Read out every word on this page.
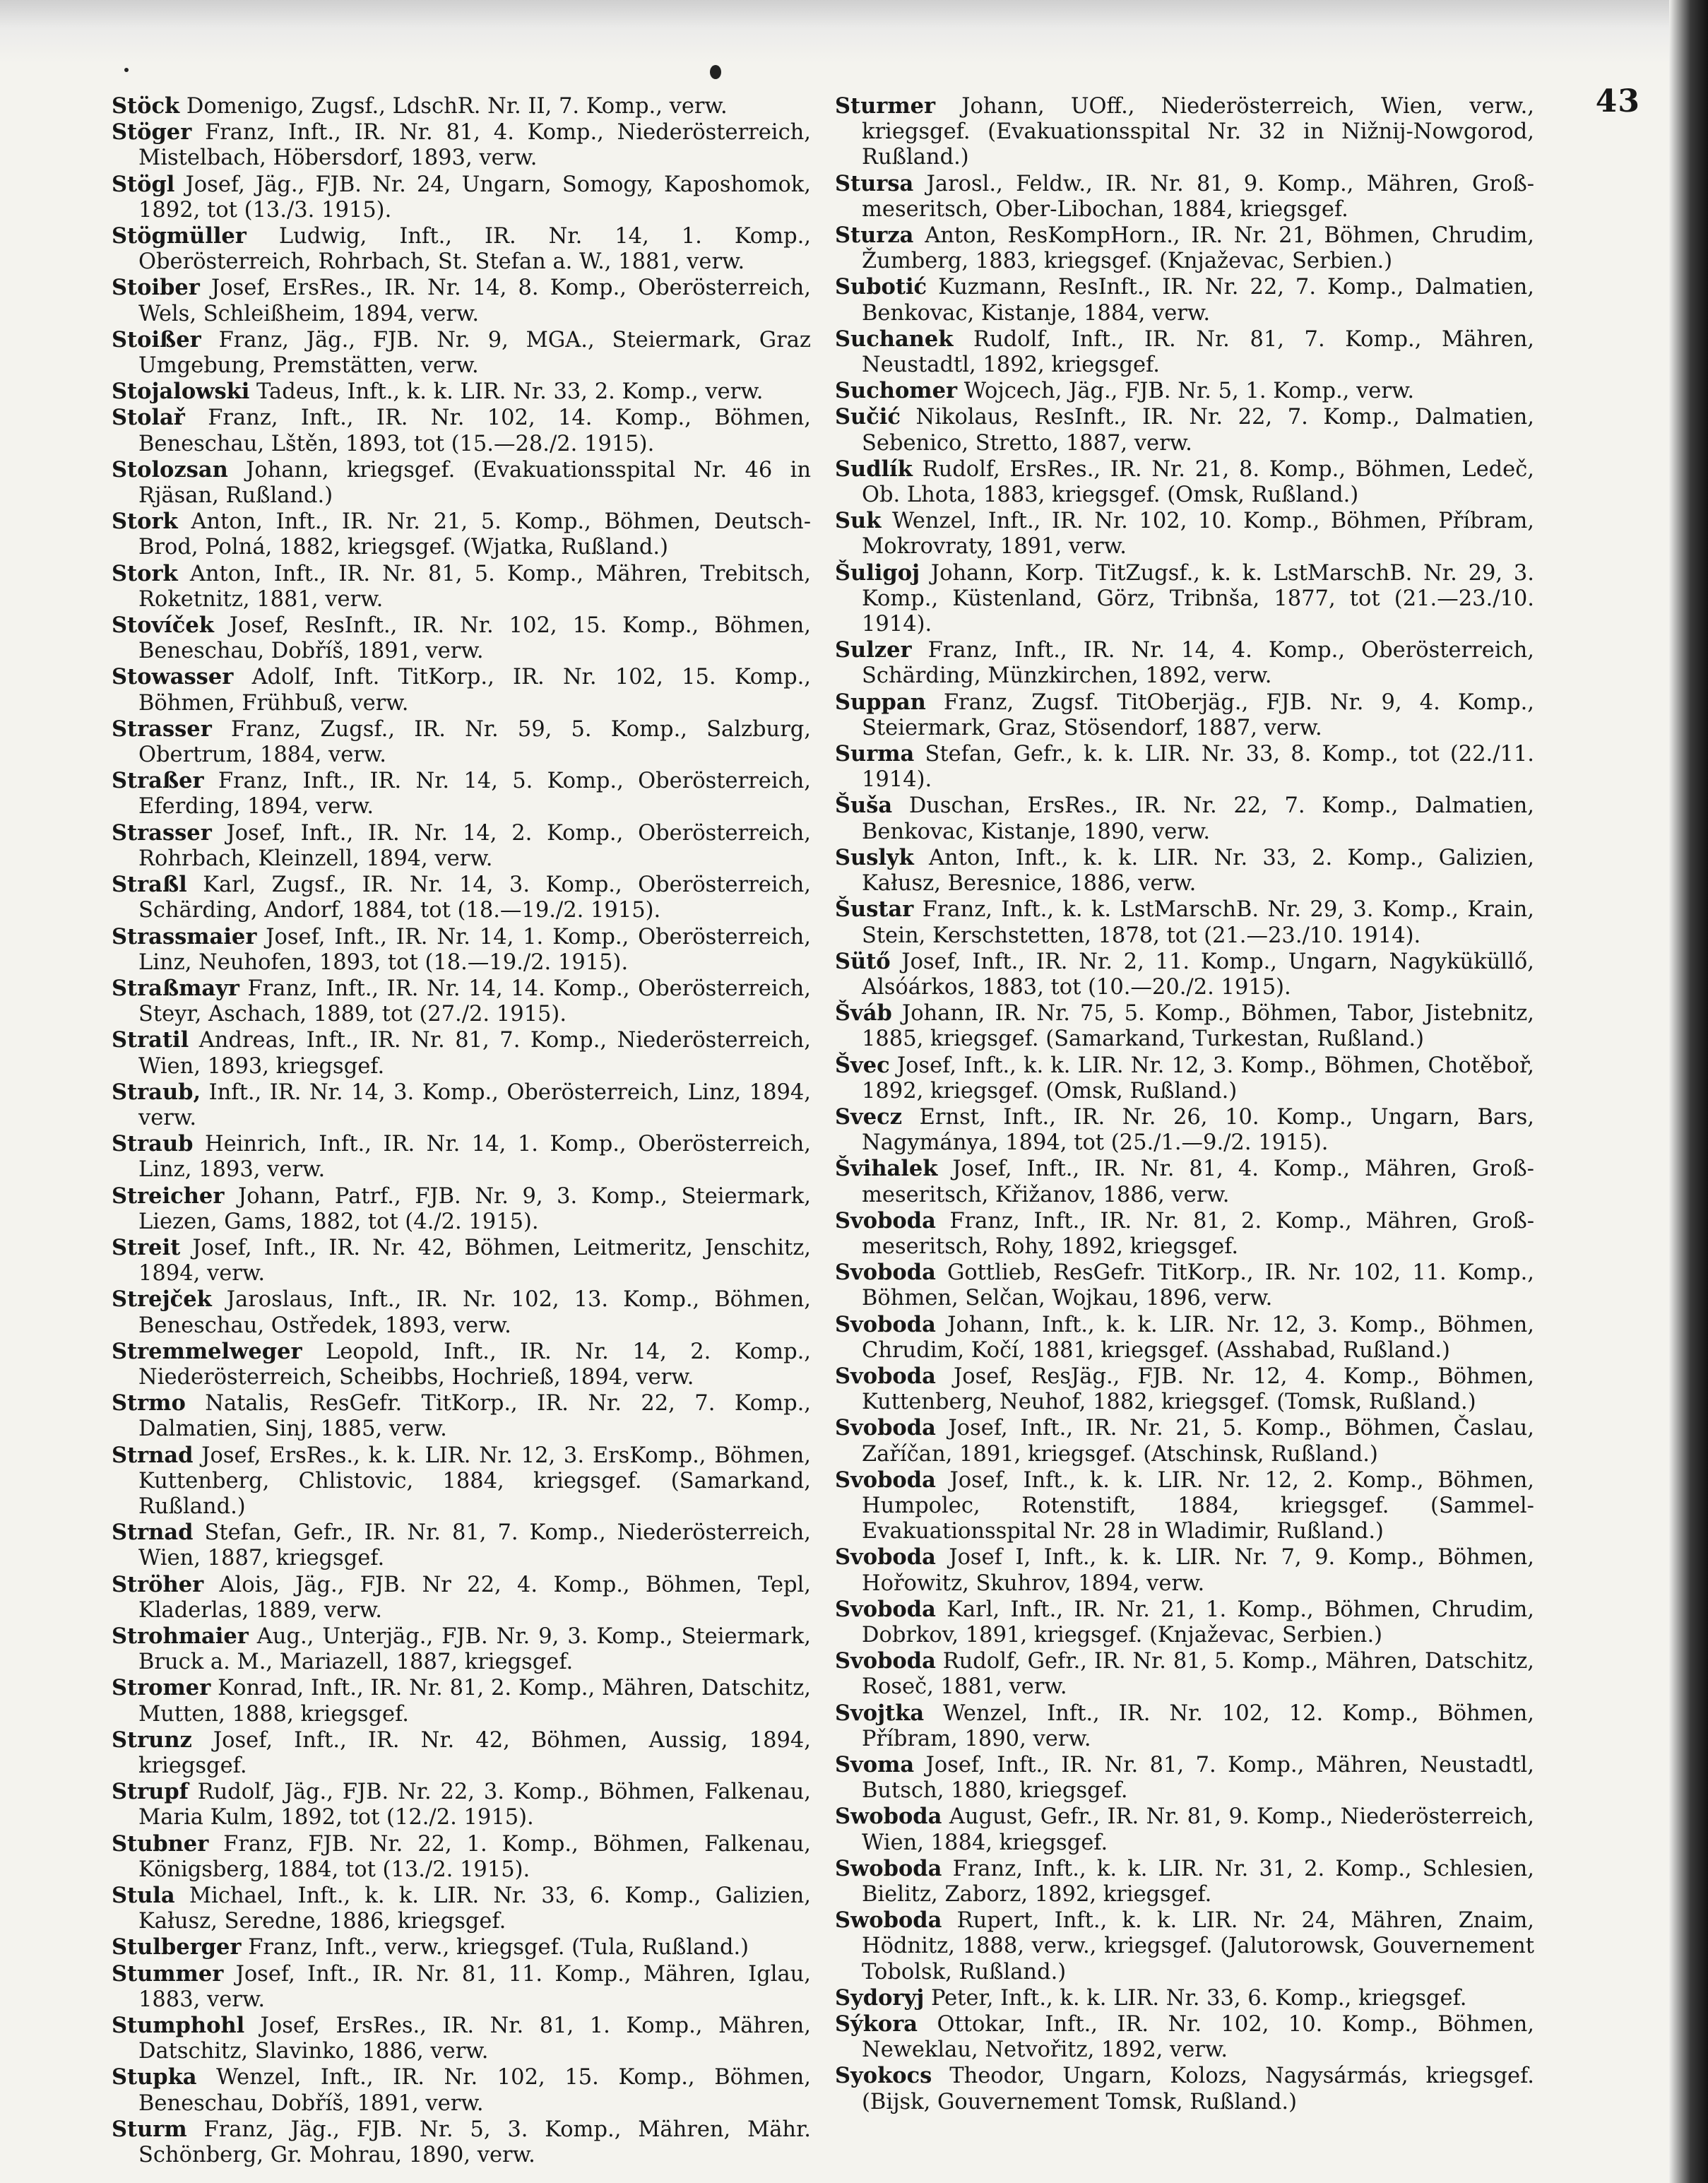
43

Stöck Domenigo, Zugsf., LdschR. Nr. II, 7. Komp., verw.

Stöger Franz, Inft., IR. Nr. 81, 4. Komp., Niederösterreich, Mistelbach, Höbersdorf, 1893, verw.

Stögl Josef, Jäg., FJB. Nr. 24, Ungarn, Somogy, Kaposhomok, 1892, tot (13./3. 1915).

Stögmüller Ludwig, Inft., IR. Nr. 14, 1. Komp., Oberösterreich, Rohrbach, St. Stefan a. W., 1881, verw.

Stoiber Josef, ErsRes., IR. Nr. 14, 8. Komp., Oberösterreich, Wels, Schleißheim, 1894, verw.

Stoißer Franz, Jäg., FJB. Nr. 9, MGA., Steiermark, Graz Umgebung, Premstätten, verw.

Stojalowski Tadeus, Inft., k. k. LIR. Nr. 33, 2. Komp., verw.

Stolař Franz, Inft., IR. Nr. 102, 14. Komp., Böhmen, Beneschau, Lštěn, 1893, tot (15.—28./2. 1915).

Stolozsan Johann, kriegsgef. (Evakuationsspital Nr. 46 in Rjäsan, Rußland.)

Stork Anton, Inft., IR. Nr. 21, 5. Komp., Böhmen, Deutsch-Brod, Polná, 1882, kriegsgef. (Wjatka, Rußland.)

Stork Anton, Inft., IR. Nr. 81, 5. Komp., Mähren, Trebitsch, Roketnitz, 1881, verw.

Stovíček Josef, ResInft., IR. Nr. 102, 15. Komp., Böhmen, Beneschau, Dobříš, 1891, verw.

Stowasser Adolf, Inft. TitKorp., IR. Nr. 102, 15. Komp., Böhmen, Frühbuß, verw.

Strasser Franz, Zugsf., IR. Nr. 59, 5. Komp., Salzburg, Obertrum, 1884, verw.

Straßer Franz, Inft., IR. Nr. 14, 5. Komp., Oberösterreich, Eferding, 1894, verw.

Strasser Josef, Inft., IR. Nr. 14, 2. Komp., Oberösterreich, Rohrbach, Kleinzell, 1894, verw.

Straßl Karl, Zugsf., IR. Nr. 14, 3. Komp., Oberösterreich, Schärding, Andorf, 1884, tot (18.—19./2. 1915).

Strassmaier Josef, Inft., IR. Nr. 14, 1. Komp., Oberösterreich, Linz, Neuhofen, 1893, tot (18.—19./2. 1915).

Straßmayr Franz, Inft., IR. Nr. 14, 14. Komp., Oberösterreich, Steyr, Aschach, 1889, tot (27./2. 1915).

Stratil Andreas, Inft., IR. Nr. 81, 7. Komp., Niederösterreich, Wien, 1893, kriegsgef.

Straub, Inft., IR. Nr. 14, 3. Komp., Oberösterreich, Linz, 1894, verw.

Straub Heinrich, Inft., IR. Nr. 14, 1. Komp., Oberösterreich, Linz, 1893, verw.

Streicher Johann, Patrf., FJB. Nr. 9, 3. Komp., Steiermark, Liezen, Gams, 1882, tot (4./2. 1915).

Streit Josef, Inft., IR. Nr. 42, Böhmen, Leitmeritz, Jenschitz, 1894, verw.

Strejček Jaroslaus, Inft., IR. Nr. 102, 13. Komp., Böhmen, Beneschau, Ostředek, 1893, verw.

Stremmelweger Leopold, Inft., IR. Nr. 14, 2. Komp., Niederösterreich, Scheibbs, Hochrieß, 1894, verw.

Strmo Natalis, ResGefr. TitKorp., IR. Nr. 22, 7. Komp., Dalmatien, Sinj, 1885, verw.

Strnad Josef, ErsRes., k. k. LIR. Nr. 12, 3. ErsKomp., Böhmen, Kuttenberg, Chlistovic, 1884, kriegsgef. (Samarkand, Rußland.)

Strnad Stefan, Gefr., IR. Nr. 81, 7. Komp., Niederösterreich, Wien, 1887, kriegsgef.

Ströher Alois, Jäg., FJB. Nr 22, 4. Komp., Böhmen, Tepl, Kladerlas, 1889, verw.

Strohmaier Aug., Unterjäg., FJB. Nr. 9, 3. Komp., Steiermark, Bruck a. M., Mariazell, 1887, kriegsgef.

Stromer Konrad, Inft., IR. Nr. 81, 2. Komp., Mähren, Datschitz, Mutten, 1888, kriegsgef.

Strunz Josef, Inft., IR. Nr. 42, Böhmen, Aussig, 1894, kriegsgef.

Strupf Rudolf, Jäg., FJB. Nr. 22, 3. Komp., Böhmen, Falkenau, Maria Kulm, 1892, tot (12./2. 1915).

Stubner Franz, FJB. Nr. 22, 1. Komp., Böhmen, Falkenau, Königsberg, 1884, tot (13./2. 1915).

Stula Michael, Inft., k. k. LIR. Nr. 33, 6. Komp., Galizien, Kałusz, Seredne, 1886, kriegsgef.

Stulberger Franz, Inft., verw., kriegsgef. (Tula, Rußland.)

Stummer Josef, Inft., IR. Nr. 81, 11. Komp., Mähren, Iglau, 1883, verw.

Stumphohl Josef, ErsRes., IR. Nr. 81, 1. Komp., Mähren, Datschitz, Slavinko, 1886, verw.

Stupka Wenzel, Inft., IR. Nr. 102, 15. Komp., Böhmen, Beneschau, Dobříš, 1891, verw.

Sturm Franz, Jäg., FJB. Nr. 5, 3. Komp., Mähren, Mähr. Schönberg, Gr. Mohrau, 1890, verw.

Sturmer Johann, UOff., Niederösterreich, Wien, verw., kriegsgef. (Evakuationsspital Nr. 32 in Nižnij-Nowgorod, Rußland.)

Stursa Jarosl., Feldw., IR. Nr. 81, 9. Komp., Mähren, Groß-meseritsch, Ober-Libochan, 1884, kriegsgef.

Sturza Anton, ResKompHorn., IR. Nr. 21, Böhmen, Chrudim, Žumberg, 1883, kriegsgef. (Knjaževac, Serbien.)

Subotić Kuzmann, ResInft., IR. Nr. 22, 7. Komp., Dalmatien, Benkovac, Kistanje, 1884, verw.

Suchanek Rudolf, Inft., IR. Nr. 81, 7. Komp., Mähren, Neustadtl, 1892, kriegsgef.

Suchomer Wojcech, Jäg., FJB. Nr. 5, 1. Komp., verw.

Sučić Nikolaus, ResInft., IR. Nr. 22, 7. Komp., Dalmatien, Sebenico, Stretto, 1887, verw.

Sudlík Rudolf, ErsRes., IR. Nr. 21, 8. Komp., Böhmen, Ledeč, Ob. Lhota, 1883, kriegsgef. (Omsk, Rußland.)

Suk Wenzel, Inft., IR. Nr. 102, 10. Komp., Böhmen, Příbram, Mokrovraty, 1891, verw.

Šuligoj Johann, Korp. TitZugsf., k. k. LstMarschB. Nr. 29, 3. Komp., Küstenland, Görz, Tribnša, 1877, tot (21.—23./10. 1914).

Sulzer Franz, Inft., IR. Nr. 14, 4. Komp., Oberösterreich, Schärding, Münzkirchen, 1892, verw.

Suppan Franz, Zugsf. TitOberjäg., FJB. Nr. 9, 4. Komp., Steiermark, Graz, Stösendorf, 1887, verw.

Surma Stefan, Gefr., k. k. LIR. Nr. 33, 8. Komp., tot (22./11. 1914).

Šuša Duschan, ErsRes., IR. Nr. 22, 7. Komp., Dalmatien, Benkovac, Kistanje, 1890, verw.

Suslyk Anton, Inft., k. k. LIR. Nr. 33, 2. Komp., Galizien, Kałusz, Beresnice, 1886, verw.

Šustar Franz, Inft., k. k. LstMarschB. Nr. 29, 3. Komp., Krain, Stein, Kerschstetten, 1878, tot (21.—23./10. 1914).

Sütő Josef, Inft., IR. Nr. 2, 11. Komp., Ungarn, Nagyküküllő, Alsóárkos, 1883, tot (10.—20./2. 1915).

Šváb Johann, IR. Nr. 75, 5. Komp., Böhmen, Tabor, Jistebnitz, 1885, kriegsgef. (Samarkand, Turkestan, Rußland.)

Švec Josef, Inft., k. k. LIR. Nr. 12, 3. Komp., Böhmen, Chotěboř, 1892, kriegsgef. (Omsk, Rußland.)

Svecz Ernst, Inft., IR. Nr. 26, 10. Komp., Ungarn, Bars, Nagymánya, 1894, tot (25./1.—9./2. 1915).

Švihalek Josef, Inft., IR. Nr. 81, 4. Komp., Mähren, Groß-meseritsch, Křižanov, 1886, verw.

Svoboda Franz, Inft., IR. Nr. 81, 2. Komp., Mähren, Groß-meseritsch, Rohy, 1892, kriegsgef.

Svoboda Gottlieb, ResGefr. TitKorp., IR. Nr. 102, 11. Komp., Böhmen, Selčan, Wojkau, 1896, verw.

Svoboda Johann, Inft., k. k. LIR. Nr. 12, 3. Komp., Böhmen, Chrudim, Kočí, 1881, kriegsgef. (Asshabad, Rußland.)

Svoboda Josef, ResJäg., FJB. Nr. 12, 4. Komp., Böhmen, Kuttenberg, Neuhof, 1882, kriegsgef. (Tomsk, Rußland.)

Svoboda Josef, Inft., IR. Nr. 21, 5. Komp., Böhmen, Časlau, Zaříčan, 1891, kriegsgef. (Atschinsk, Rußland.)

Svoboda Josef, Inft., k. k. LIR. Nr. 12, 2. Komp., Böhmen, Humpolec, Rotenstift, 1884, kriegsgef. (Sammel-Evakuationsspital Nr. 28 in Wladimir, Rußland.)

Svoboda Josef I, Inft., k. k. LIR. Nr. 7, 9. Komp., Böhmen, Hořowitz, Skuhrov, 1894, verw.

Svoboda Karl, Inft., IR. Nr. 21, 1. Komp., Böhmen, Chrudim, Dobrkov, 1891, kriegsgef. (Knjaževac, Serbien.)

Svoboda Rudolf, Gefr., IR. Nr. 81, 5. Komp., Mähren, Datschitz, Roseč, 1881, verw.

Svojtka Wenzel, Inft., IR. Nr. 102, 12. Komp., Böhmen, Příbram, 1890, verw.

Svoma Josef, Inft., IR. Nr. 81, 7. Komp., Mähren, Neustadtl, Butsch, 1880, kriegsgef.

Swoboda August, Gefr., IR. Nr. 81, 9. Komp., Niederösterreich, Wien, 1884, kriegsgef.

Swoboda Franz, Inft., k. k. LIR. Nr. 31, 2. Komp., Schlesien, Bielitz, Zaborz, 1892, kriegsgef.

Swoboda Rupert, Inft., k. k. LIR. Nr. 24, Mähren, Znaim, Hödnitz, 1888, verw., kriegsgef. (Jalutorowsk, Gouvernement Tobolsk, Rußland.)

Sydoryj Peter, Inft., k. k. LIR. Nr. 33, 6. Komp., kriegsgef.

Sýkora Ottokar, Inft., IR. Nr. 102, 10. Komp., Böhmen, Neweklau, Netvořitz, 1892, verw.

Syokocs Theodor, Ungarn, Kolozs, Nagysármás, kriegsgef. (Bijsk, Gouvernement Tomsk, Rußland.)
